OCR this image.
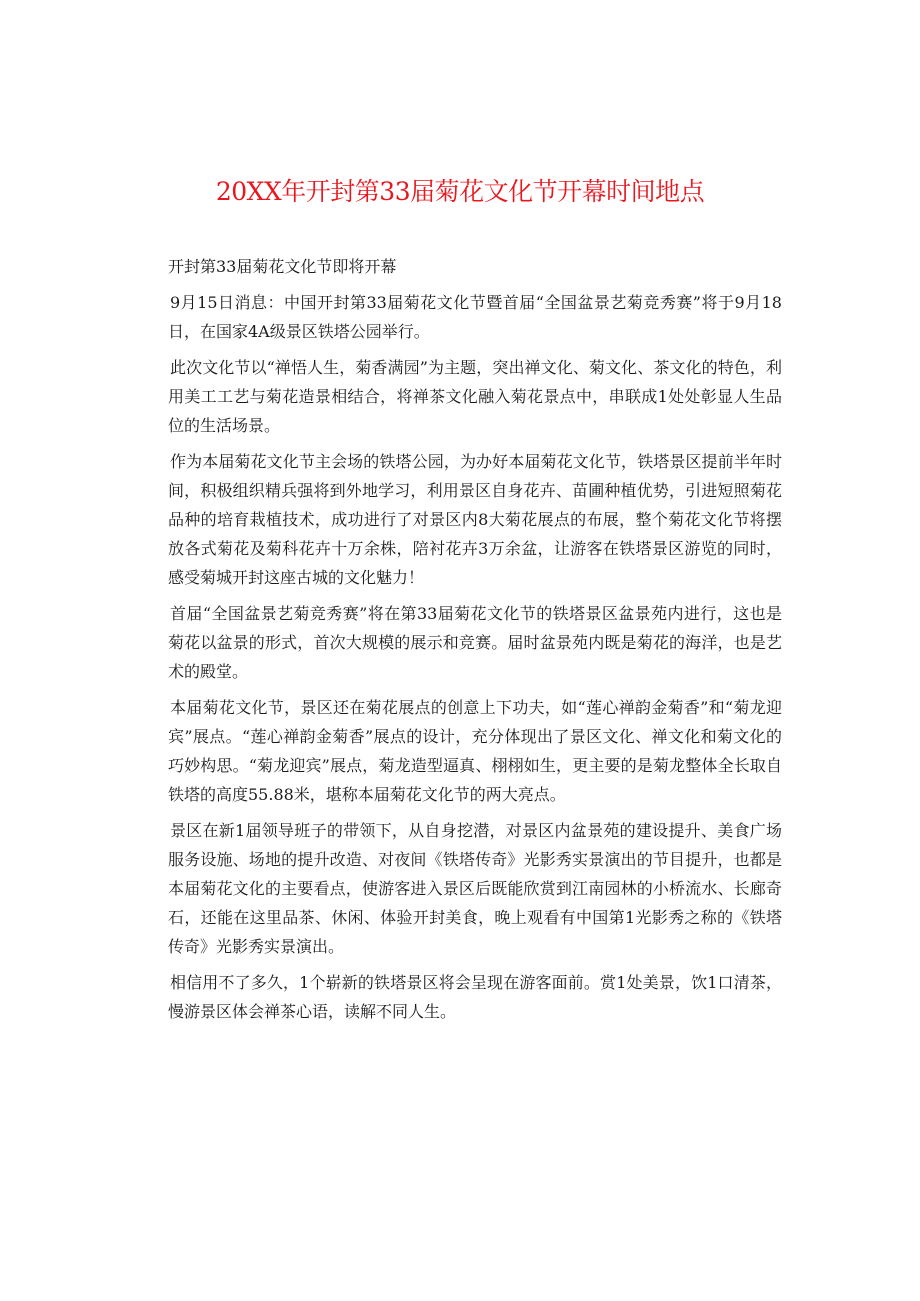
20XX年开封第33届菊花文化节开幕时间地点

开封第33届菊花文化节即将开幕

9月15日消息：中国开封第33届菊花文化节暨首届“全国盆景艺菊竞秀赛”将于9月18日，在国家4A级景区铁塔公园举行。

此次文化节以“禅悟人生，菊香满园”为主题，突出禅文化、菊文化、茶文化的特色，利用美工工艺与菊花造景相结合，将禅茶文化融入菊花景点中，串联成1处处彰显人生品位的生活场景。

作为本届菊花文化节主会场的铁塔公园，为办好本届菊花文化节，铁塔景区提前半年时间，积极组织精兵强将到外地学习，利用景区自身花卉、苗圃种植优势，引进短照菊花品种的培育栽植技术，成功进行了对景区内8大菊花展点的布展，整个菊花文化节将摆放各式菊花及菊科花卉十万余株，陪衬花卉3万余盆，让游客在铁塔景区游览的同时，感受菊城开封这座古城的文化魅力！

首届“全国盆景艺菊竞秀赛”将在第33届菊花文化节的铁塔景区盆景苑内进行，这也是菊花以盆景的形式，首次大规模的展示和竞赛。届时盆景苑内既是菊花的海洋，也是艺术的殿堂。

本届菊花文化节，景区还在菊花展点的创意上下功夫，如“莲心禅韵金菊香”和“菊龙迎宾”展点。“莲心禅韵金菊香”展点的设计，充分体现出了景区文化、禅文化和菊文化的巧妙构思。“菊龙迎宾”展点，菊龙造型逼真、栩栩如生，更主要的是菊龙整体全长取自铁塔的高度55.88米，堪称本届菊花文化节的两大亮点。

景区在新1届领导班子的带领下，从自身挖潜，对景区内盆景苑的建设提升、美食广场服务设施、场地的提升改造、对夜间《铁塔传奇》光影秀实景演出的节目提升，也都是本届菊花文化的主要看点，使游客进入景区后既能欣赏到江南园林的小桥流水、长廊奇石，还能在这里品茶、休闲、体验开封美食，晚上观看有中国第1光影秀之称的《铁塔传奇》光影秀实景演出。

相信用不了多久，1个崭新的铁塔景区将会呈现在游客面前。赏1处美景，饮1口清茶，慢游景区体会禅茶心语，读解不同人生。
